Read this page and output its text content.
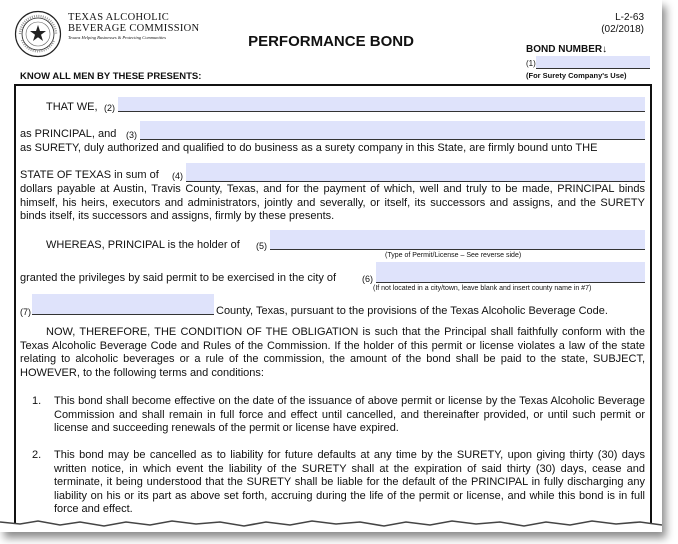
TEXAS ALCOHOLIC
BEVERAGE COMMISSION
Texans Helping Businesses & Protecting Communities
L-2-63
(02/2018)
PERFORMANCE BOND	BOND NUMBER↓
(1)
(For Surety Company's Use)
KNOW ALL MEN BY THESE PRESENTS:
THAT WE, (2)
as PRINCIPAL, and (3)
as SURETY, duly authorized and qualified to do business as a surety company in this State, are firmly bound unto THE
STATE OF TEXAS in sum of (4)
dollars payable at Austin, Travis County, Texas, and for the payment of which, well and truly to be made, PRINCIPAL binds himself, his heirs, executors and administrators, jointly and severally, or itself, its successors and assigns, and the SURETY binds itself, its successors and assigns, firmly by these presents.
WHEREAS, PRINCIPAL is the holder of (5)
(Type of Permit/License – See reverse side)
granted the privileges by said permit to be exercised in the city of	(6)
(If not located in a city/town, leave blank and insert county name in #7)
(7)	County, Texas, pursuant to the provisions of the Texas Alcoholic Beverage Code.
NOW, THEREFORE, THE CONDITION OF THE OBLIGATION is such that the Principal shall faithfully conform with the Texas Alcoholic Beverage Code and Rules of the Commission. If the holder of this permit or license violates a law of the state relating to alcoholic beverages or a rule of the commission, the amount of the bond shall be paid to the state, SUBJECT, HOWEVER, to the following terms and conditions:
1. This bond shall become effective on the date of the issuance of above permit or license by the Texas Alcoholic Beverage Commission and shall remain in full force and effect until cancelled, and thereinafter provided, or until such permit or license and succeeding renewals of the permit or license have expired.
2. This bond may be cancelled as to liability for future defaults at any time by the SURETY, upon giving thirty (30) days written notice, in which event the liability of the SURETY shall at the expiration of said thirty (30) days, cease and terminate, it being understood that the SURETY shall be liable for the default of the PRINCIPAL in fully discharging any liability on his or its part as above set forth, accruing during the life of the permit or license, and while this bond is in full force and effect.
